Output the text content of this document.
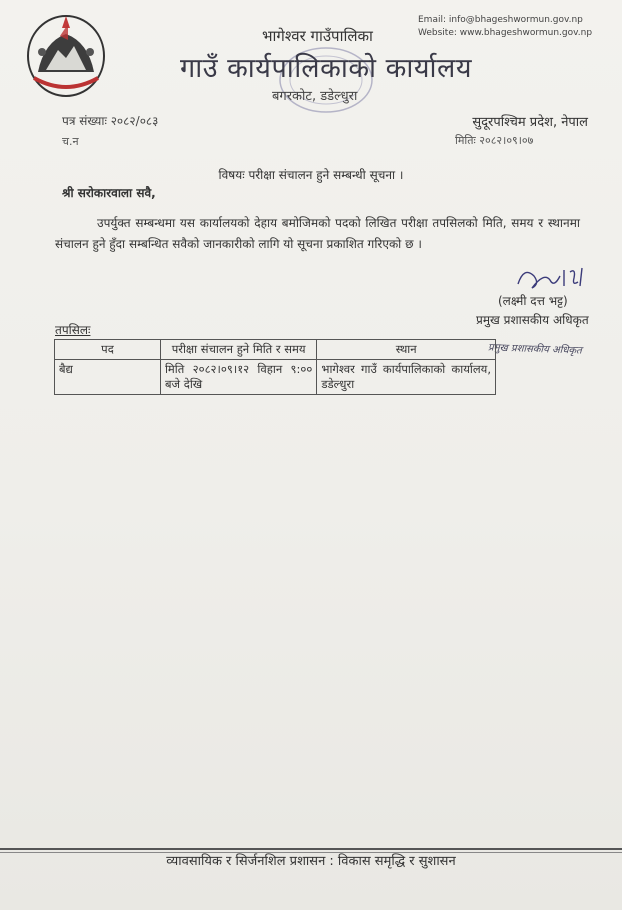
Email: info@bhageshwormun.gov.np
Website: www.bhageshwormun.gov.np
भागेश्वर गाउँपालिका
गाउँ कार्यपालिकाको कार्यालय
बगरकोट, डडेल्धुरा
पत्र संख्याः २०८२/०८३
च.न
सुदूरपश्चिम प्रदेश, नेपाल
मितिः २०८२।०९।०७
विषयः परीक्षा संचालन हुने सम्बन्धी सूचना ।
श्री सरोकारवाला सवै,
उपर्युक्त सम्बन्धमा यस कार्यालयको देहाय बमोजिमको पदको लिखित परीक्षा तपसिलको मिति, समय र स्थानमा संचालन हुने हुँदा सम्बन्धित सवैको जानकारीको लागि यो सूचना प्रकाशित गरिएको छ ।
(लक्ष्मी दत्त भट्ट)
प्रमुख प्रशासकीय अधिकृत
प्रमुख प्रशासकीय अधिकृत
तपसिलः
पद	परीक्षा संचालन हुने मिति र समय	स्थान
बैद्य	मिति २०८२।०९।१२ विहान ९:०० बजे देखि	भागेश्वर गाउँ कार्यपालिकाको कार्यालय, डडेल्धुरा
व्यावसायिक र सिर्जनशिल प्रशासन : विकास समृद्धि र सुशासन
